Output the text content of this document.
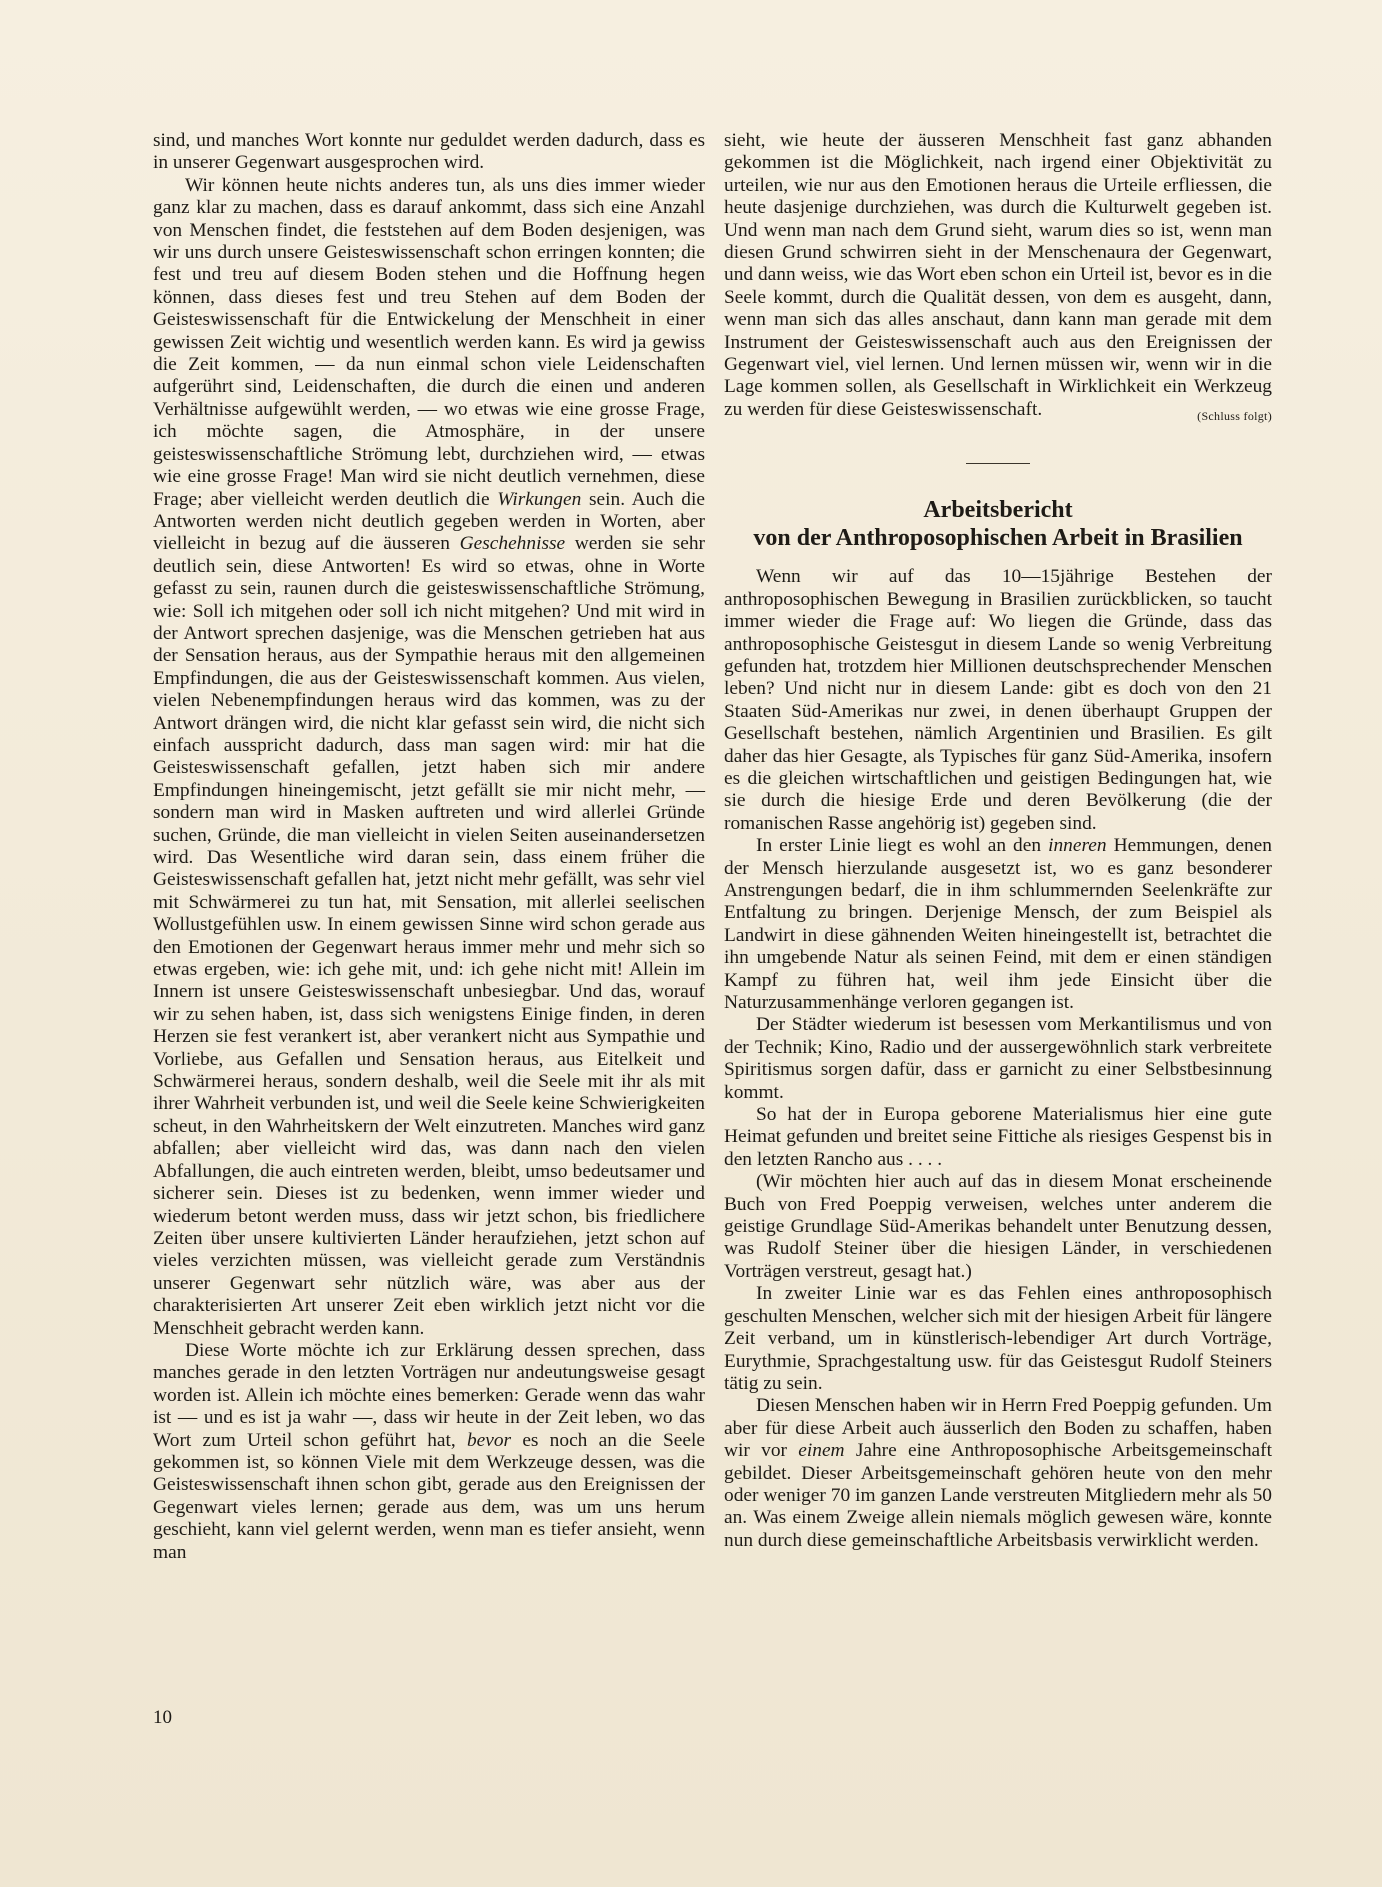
sind, und manches Wort konnte nur geduldet werden dadurch, dass es in unserer Gegenwart ausgesprochen wird.

Wir können heute nichts anderes tun, als uns dies immer wieder ganz klar zu machen, dass es darauf ankommt, dass sich eine Anzahl von Menschen findet, die feststehen auf dem Boden desjenigen, was wir uns durch unsere Geisteswissenschaft schon erringen konnten; die fest und treu auf diesem Boden stehen und die Hoffnung hegen können, dass dieses fest und treu Stehen auf dem Boden der Geisteswissenschaft für die Entwickelung der Menschheit in einer gewissen Zeit wichtig und wesentlich werden kann. Es wird ja gewiss die Zeit kommen, — da nun einmal schon viele Leidenschaften aufgerührt sind, Leidenschaften, die durch die einen und anderen Verhältnisse aufgewühlt werden, — wo etwas wie eine grosse Frage, ich möchte sagen, die Atmosphäre, in der unsere geisteswissenschaftliche Strömung lebt, durchziehen wird, — etwas wie eine grosse Frage! Man wird sie nicht deutlich vernehmen, diese Frage; aber vielleicht werden deutlich die Wirkungen sein. Auch die Antworten werden nicht deutlich gegeben werden in Worten, aber vielleicht in bezug auf die äusseren Geschehnisse werden sie sehr deutlich sein, diese Antworten! Es wird so etwas, ohne in Worte gefasst zu sein, raunen durch die geisteswissenschaftliche Strömung, wie: Soll ich mitgehen oder soll ich nicht mitgehen? Und mit wird in der Antwort sprechen dasjenige, was die Menschen getrieben hat aus der Sensation heraus, aus der Sympathie heraus mit den allgemeinen Empfindungen, die aus der Geisteswissenschaft kommen. Aus vielen, vielen Nebenempfindungen heraus wird das kommen, was zu der Antwort drängen wird, die nicht klar gefasst sein wird, die nicht sich einfach ausspricht dadurch, dass man sagen wird: mir hat die Geisteswissenschaft gefallen, jetzt haben sich mir andere Empfindungen hineingemischt, jetzt gefällt sie mir nicht mehr, — sondern man wird in Masken auftreten und wird allerlei Gründe suchen, Gründe, die man vielleicht in vielen Seiten auseinandersetzen wird. Das Wesentliche wird daran sein, dass einem früher die Geisteswissenschaft gefallen hat, jetzt nicht mehr gefällt, was sehr viel mit Schwärmerei zu tun hat, mit Sensation, mit allerlei seelischen Wollustgefühlen usw. In einem gewissen Sinne wird schon gerade aus den Emotionen der Gegenwart heraus immer mehr und mehr sich so etwas ergeben, wie: ich gehe mit, und: ich gehe nicht mit! Allein im Innern ist unsere Geisteswissenschaft unbesiegbar. Und das, worauf wir zu sehen haben, ist, dass sich wenigstens Einige finden, in deren Herzen sie fest verankert ist, aber verankert nicht aus Sympathie und Vorliebe, aus Gefallen und Sensation heraus, aus Eitelkeit und Schwärmerei heraus, sondern deshalb, weil die Seele mit ihr als mit ihrer Wahrheit verbunden ist, und weil die Seele keine Schwierigkeiten scheut, in den Wahrheitskern der Welt einzutreten. Manches wird ganz abfallen; aber vielleicht wird das, was dann nach den vielen Abfallungen, die auch eintreten werden, bleibt, umso bedeutsamer und sicherer sein. Dieses ist zu bedenken, wenn immer wieder und wiederum betont werden muss, dass wir jetzt schon, bis friedlichere Zeiten über unsere kultivierten Länder heraufziehen, jetzt schon auf vieles verzichten müssen, was vielleicht gerade zum Verständnis unserer Gegenwart sehr nützlich wäre, was aber aus der charakterisierten Art unserer Zeit eben wirklich jetzt nicht vor die Menschheit gebracht werden kann.

Diese Worte möchte ich zur Erklärung dessen sprechen, dass manches gerade in den letzten Vorträgen nur andeutungsweise gesagt worden ist. Allein ich möchte eines bemerken: Gerade wenn das wahr ist — und es ist ja wahr —, dass wir heute in der Zeit leben, wo das Wort zum Urteil schon geführt hat, bevor es noch an die Seele gekommen ist, so können Viele mit dem Werkzeuge dessen, was die Geisteswissenschaft ihnen schon gibt, gerade aus den Ereignissen der Gegenwart vieles lernen; gerade aus dem, was um uns herum geschieht, kann viel gelernt werden, wenn man es tiefer ansieht, wenn man

sieht, wie heute der äusseren Menschheit fast ganz abhanden gekommen ist die Möglichkeit, nach irgend einer Objektivität zu urteilen, wie nur aus den Emotionen heraus die Urteile erfliessen, die heute dasjenige durchziehen, was durch die Kulturwelt gegeben ist. Und wenn man nach dem Grund sieht, warum dies so ist, wenn man diesen Grund schwirren sieht in der Menschenaura der Gegenwart, und dann weiss, wie das Wort eben schon ein Urteil ist, bevor es in die Seele kommt, durch die Qualität dessen, von dem es ausgeht, dann, wenn man sich das alles anschaut, dann kann man gerade mit dem Instrument der Geisteswissenschaft auch aus den Ereignissen der Gegenwart viel, viel lernen. Und lernen müssen wir, wenn wir in die Lage kommen sollen, als Gesellschaft in Wirklichkeit ein Werkzeug zu werden für diese Geisteswissenschaft.	(Schluss folgt)

Arbeitsbericht
von der Anthroposophischen Arbeit in Brasilien

Wenn wir auf das 10—15jährige Bestehen der anthroposophischen Bewegung in Brasilien zurückblicken, so taucht immer wieder die Frage auf: Wo liegen die Gründe, dass das anthroposophische Geistesgut in diesem Lande so wenig Verbreitung gefunden hat, trotzdem hier Millionen deutschsprechender Menschen leben? Und nicht nur in diesem Lande: gibt es doch von den 21 Staaten Süd-Amerikas nur zwei, in denen überhaupt Gruppen der Gesellschaft bestehen, nämlich Argentinien und Brasilien. Es gilt daher das hier Gesagte, als Typisches für ganz Süd-Amerika, insofern es die gleichen wirtschaftlichen und geistigen Bedingungen hat, wie sie durch die hiesige Erde und deren Bevölkerung (die der romanischen Rasse angehörig ist) gegeben sind.

In erster Linie liegt es wohl an den inneren Hemmungen, denen der Mensch hierzulande ausgesetzt ist, wo es ganz besonderer Anstrengungen bedarf, die in ihm schlummernden Seelenkräfte zur Entfaltung zu bringen. Derjenige Mensch, der zum Beispiel als Landwirt in diese gähnenden Weiten hineingestellt ist, betrachtet die ihn umgebende Natur als seinen Feind, mit dem er einen ständigen Kampf zu führen hat, weil ihm jede Einsicht über die Naturzusammenhänge verloren gegangen ist.

Der Städter wiederum ist besessen vom Merkantilismus und von der Technik; Kino, Radio und der aussergewöhnlich stark verbreitete Spiritismus sorgen dafür, dass er garnicht zu einer Selbstbesinnung kommt.

So hat der in Europa geborene Materialismus hier eine gute Heimat gefunden und breitet seine Fittiche als riesiges Gespenst bis in den letzten Rancho aus . . . .

(Wir möchten hier auch auf das in diesem Monat erscheinende Buch von Fred Poeppig verweisen, welches unter anderem die geistige Grundlage Süd-Amerikas behandelt unter Benutzung dessen, was Rudolf Steiner über die hiesigen Länder, in verschiedenen Vorträgen verstreut, gesagt hat.)

In zweiter Linie war es das Fehlen eines anthroposophisch geschulten Menschen, welcher sich mit der hiesigen Arbeit für längere Zeit verband, um in künstlerisch-lebendiger Art durch Vorträge, Eurythmie, Sprachgestaltung usw. für das Geistesgut Rudolf Steiners tätig zu sein.

Diesen Menschen haben wir in Herrn Fred Poeppig gefunden. Um aber für diese Arbeit auch äusserlich den Boden zu schaffen, haben wir vor einem Jahre eine Anthroposophische Arbeitsgemeinschaft gebildet. Dieser Arbeitsgemeinschaft gehören heute von den mehr oder weniger 70 im ganzen Lande verstreuten Mitgliedern mehr als 50 an. Was einem Zweige allein niemals möglich gewesen wäre, konnte nun durch diese gemeinschaftliche Arbeitsbasis verwirklicht werden.

10
